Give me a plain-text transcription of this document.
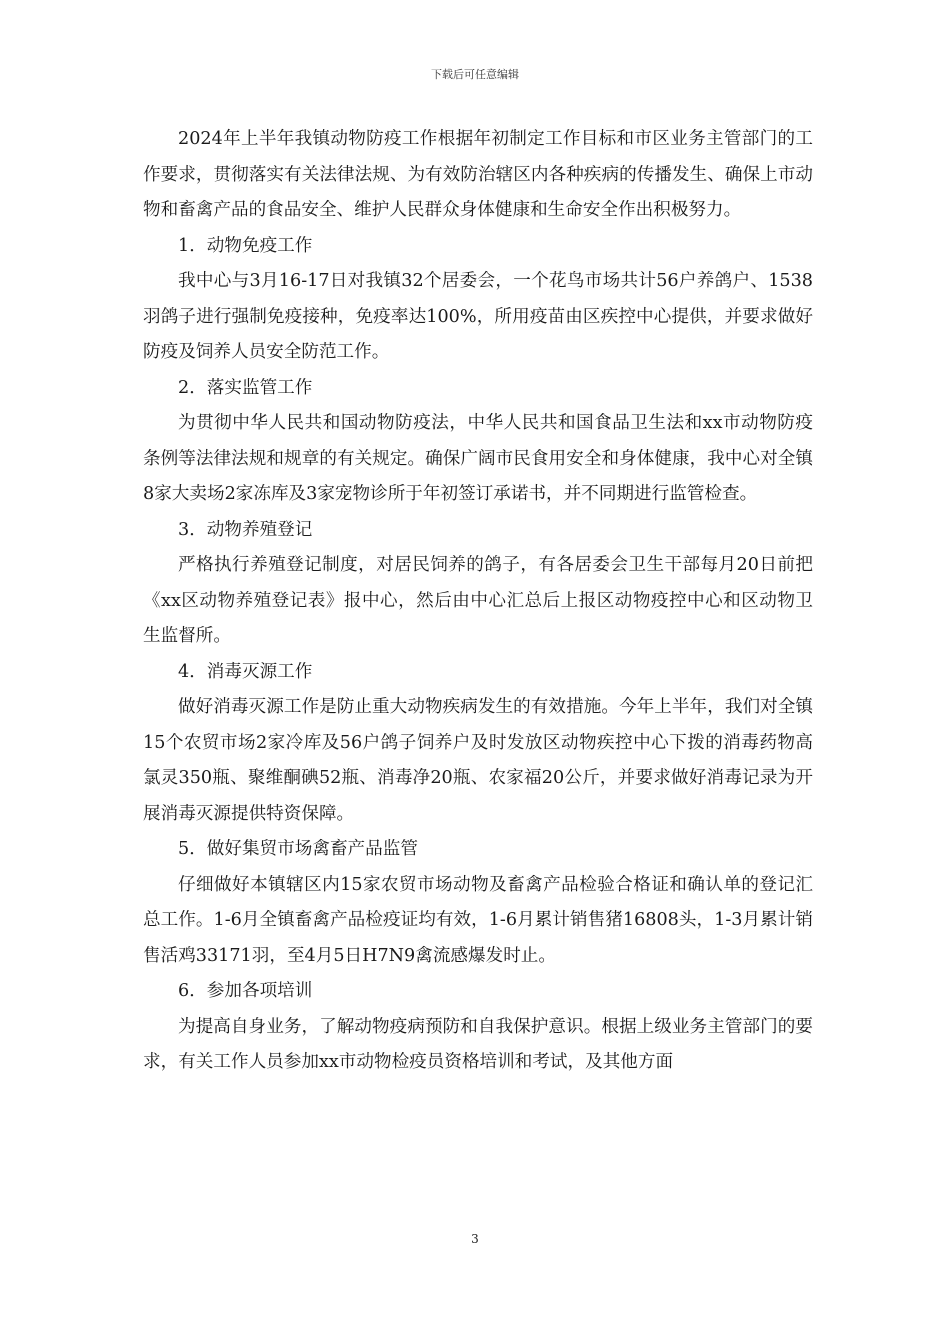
下载后可任意编辑

2024年上半年我镇动物防疫工作根据年初制定工作目标和市区业务主管部门的工作要求，贯彻落实有关法律法规、为有效防治辖区内各种疾病的传播发生、确保上市动物和畜禽产品的食品安全、维护人民群众身体健康和生命安全作出积极努力。

1．动物免疫工作

我中心与3月16-17日对我镇32个居委会，一个花鸟市场共计56户养鸽户、1538羽鸽子进行强制免疫接种，免疫率达100%，所用疫苗由区疾控中心提供，并要求做好防疫及饲养人员安全防范工作。

2．落实监管工作

为贯彻中华人民共和国动物防疫法，中华人民共和国食品卫生法和xx市动物防疫条例等法律法规和规章的有关规定。确保广阔市民食用安全和身体健康，我中心对全镇8家大卖场2家冻库及3家宠物诊所于年初签订承诺书，并不同期进行监管检查。

3．动物养殖登记

严格执行养殖登记制度，对居民饲养的鸽子，有各居委会卫生干部每月20日前把《xx区动物养殖登记表》报中心，然后由中心汇总后上报区动物疫控中心和区动物卫生监督所。

4．消毒灭源工作

做好消毒灭源工作是防止重大动物疾病发生的有效措施。今年上半年，我们对全镇15个农贸市场2家冷库及56户鸽子饲养户及时发放区动物疾控中心下拨的消毒药物高氯灵350瓶、聚维酮碘52瓶、消毒净20瓶、农家福20公斤，并要求做好消毒记录为开展消毒灭源提供特资保障。

5．做好集贸市场禽畜产品监管

仔细做好本镇辖区内15家农贸市场动物及畜禽产品检验合格证和确认单的登记汇总工作。1-6月全镇畜禽产品检疫证均有效，1-6月累计销售猪16808头，1-3月累计销售活鸡33171羽，至4月5日H7N9禽流感爆发时止。

6．参加各项培训

为提高自身业务，了解动物疫病预防和自我保护意识。根据上级业务主管部门的要求，有关工作人员参加xx市动物检疫员资格培训和考试，及其他方面

3
